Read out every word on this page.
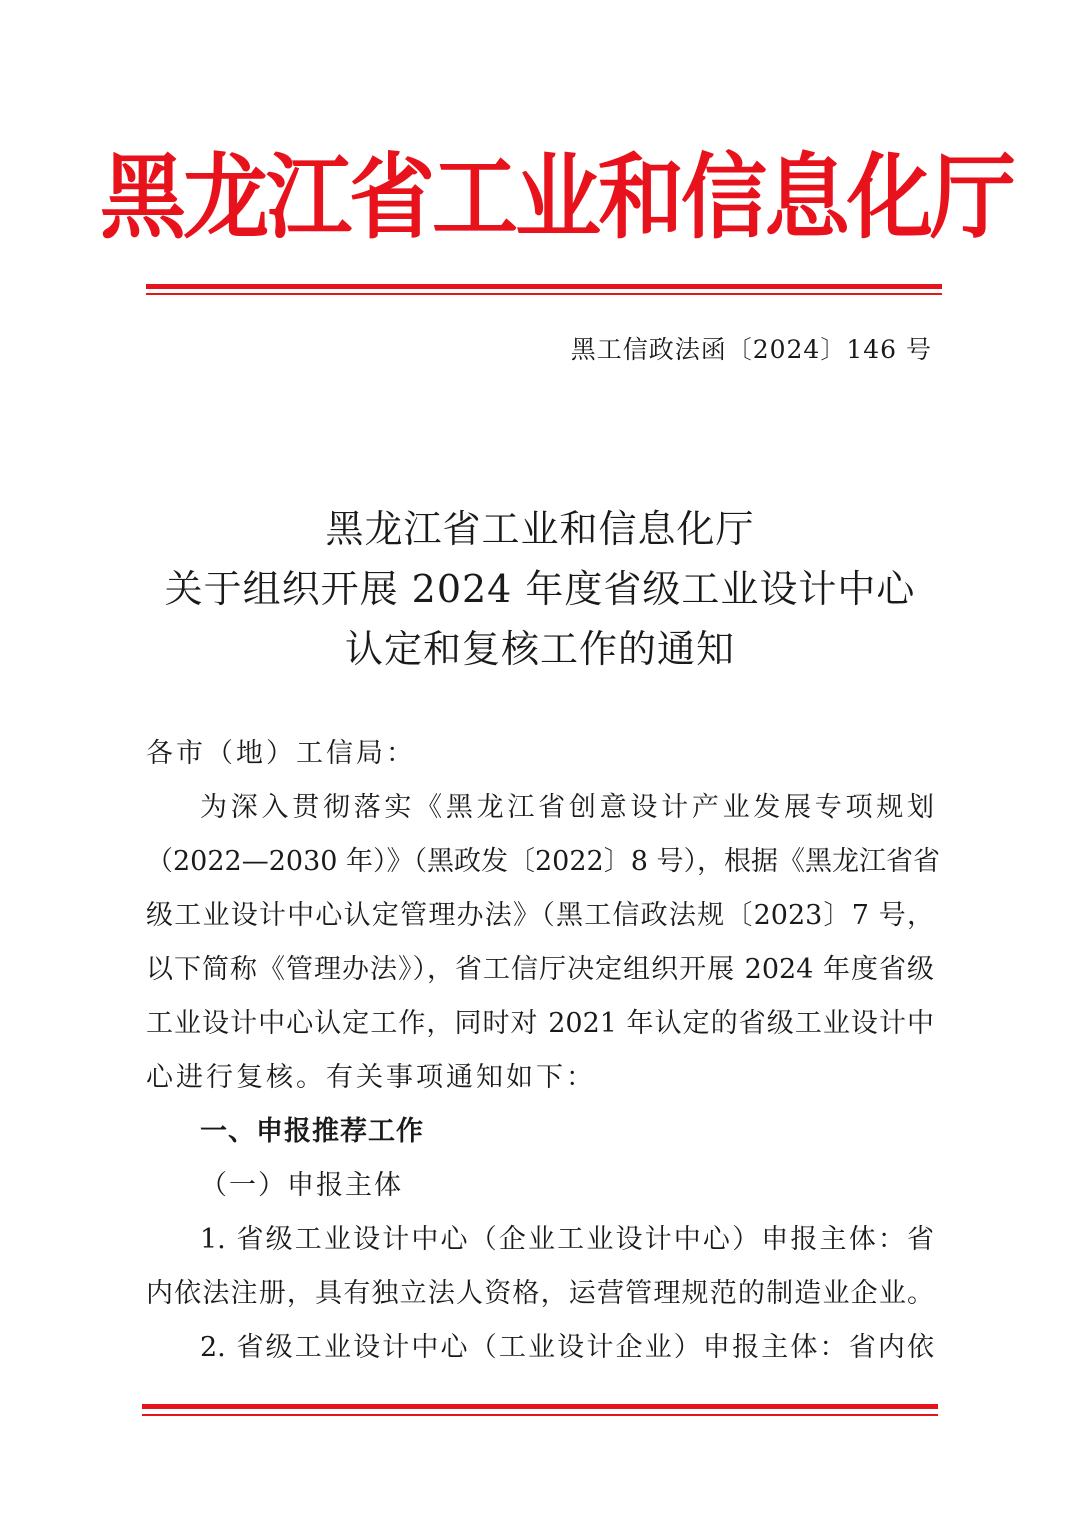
黑龙江省工业和信息化厅
黑工信政法函〔2024〕146 号
黑龙江省工业和信息化厅
关于组织开展 2024 年度省级工业设计中心
认定和复核工作的通知
各市（地）工信局：
为深入贯彻落实《黑龙江省创意设计产业发展专项规划
（2022—2030 年）》（黑政发〔2022〕8 号），根据《黑龙江省省
级工业设计中心认定管理办法》（黑工信政法规〔2023〕7 号，
以下简称《管理办法》），省工信厅决定组织开展 2024 年度省级
工业设计中心认定工作，同时对 2021 年认定的省级工业设计中
心进行复核。有关事项通知如下：
一、申报推荐工作
（一）申报主体
1. 省级工业设计中心（企业工业设计中心）申报主体：省
内依法注册，具有独立法人资格，运营管理规范的制造业企业。
2. 省级工业设计中心（工业设计企业）申报主体：省内依
